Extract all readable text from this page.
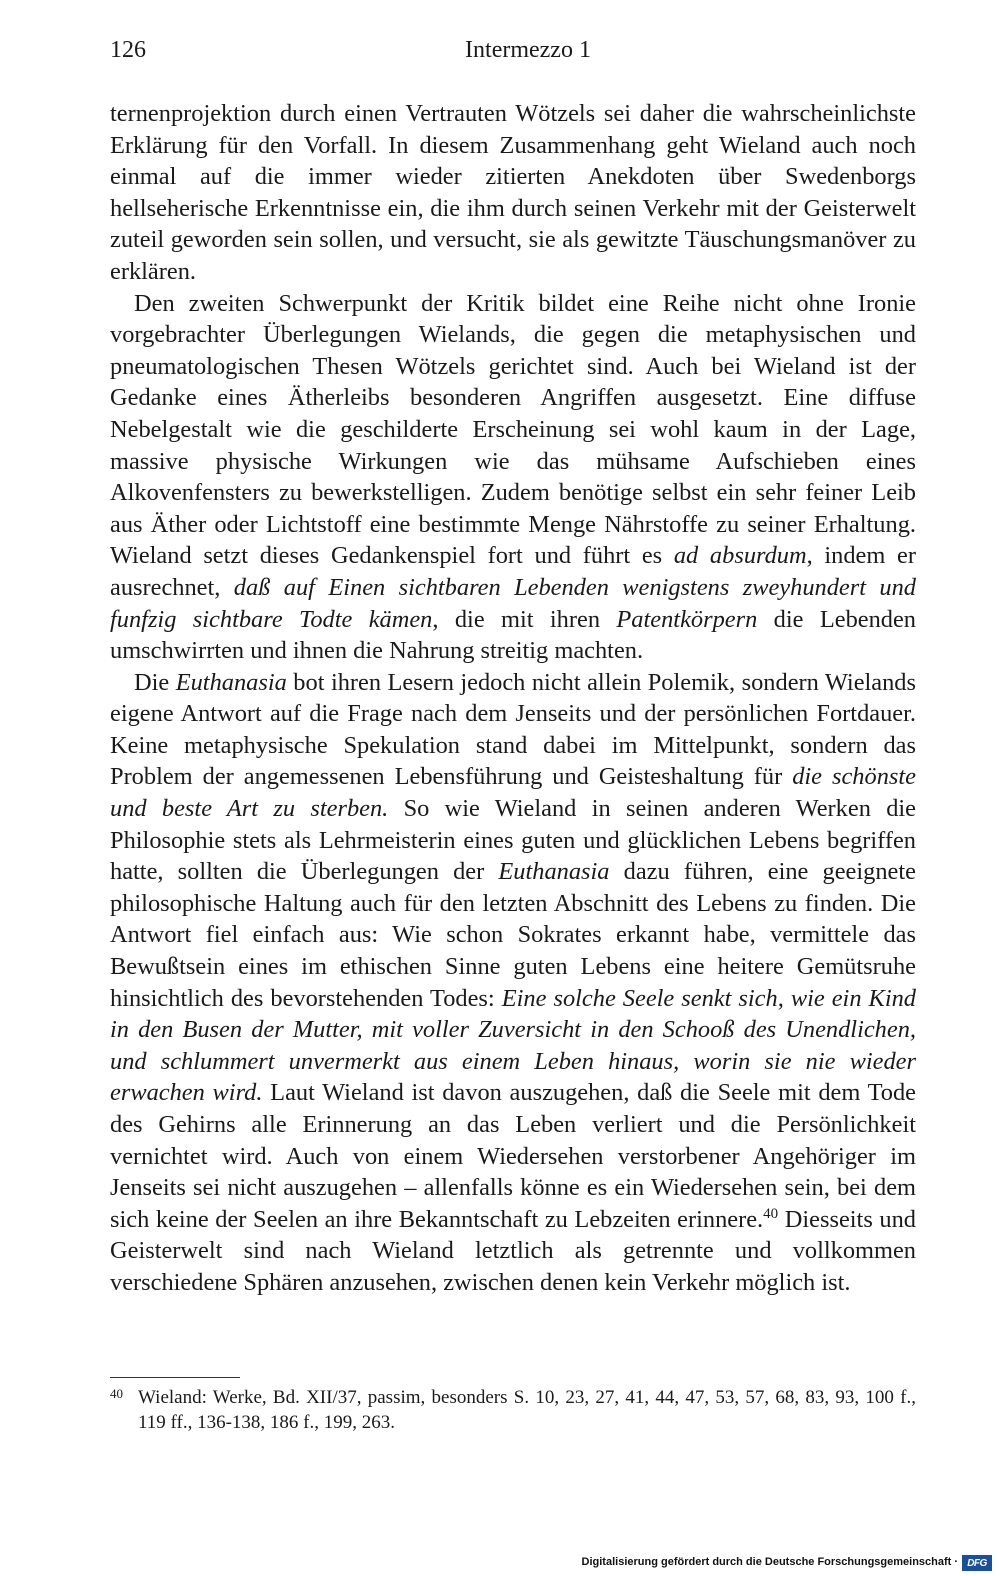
126	Intermezzo 1

ternenprojektion durch einen Vertrauten Wötzels sei daher die wahrscheinlichste Erklärung für den Vorfall. In diesem Zusammenhang geht Wieland auch noch einmal auf die immer wieder zitierten Anekdoten über Swedenborgs hellseherische Erkenntnisse ein, die ihm durch seinen Verkehr mit der Geisterwelt zuteil geworden sein sollen, und versucht, sie als gewitzte Täuschungsmanöver zu erklären.

Den zweiten Schwerpunkt der Kritik bildet eine Reihe nicht ohne Ironie vorgebrachter Überlegungen Wielands, die gegen die metaphysischen und pneumatologischen Thesen Wötzels gerichtet sind. Auch bei Wieland ist der Gedanke eines Ätherleibs besonderen Angriffen ausgesetzt. Eine diffuse Nebelgestalt wie die geschilderte Erscheinung sei wohl kaum in der Lage, massive physische Wirkungen wie das mühsame Aufschieben eines Alkovenfensters zu bewerkstelligen. Zudem benötige selbst ein sehr feiner Leib aus Äther oder Lichtstoff eine bestimmte Menge Nährstoffe zu seiner Erhaltung. Wieland setzt dieses Gedankenspiel fort und führt es ad absurdum, indem er ausrechnet, daß auf Einen sichtbaren Lebenden wenigstens zweyhundert und funfzig sichtbare Todte kämen, die mit ihren Patentkörpern die Lebenden umschwirrten und ihnen die Nahrung streitig machten.

Die Euthanasia bot ihren Lesern jedoch nicht allein Polemik, sondern Wielands eigene Antwort auf die Frage nach dem Jenseits und der persönlichen Fortdauer. Keine metaphysische Spekulation stand dabei im Mittelpunkt, sondern das Problem der angemessenen Lebensführung und Geisteshaltung für die schönste und beste Art zu sterben. So wie Wieland in seinen anderen Werken die Philosophie stets als Lehrmeisterin eines guten und glücklichen Lebens begriffen hatte, sollten die Überlegungen der Euthanasia dazu führen, eine geeignete philosophische Haltung auch für den letzten Abschnitt des Lebens zu finden. Die Antwort fiel einfach aus: Wie schon Sokrates erkannt habe, vermittele das Bewußtsein eines im ethischen Sinne guten Lebens eine heitere Gemütsruhe hinsichtlich des bevorstehenden Todes: Eine solche Seele senkt sich, wie ein Kind in den Busen der Mutter, mit voller Zuversicht in den Schooß des Unendlichen, und schlummert unvermerkt aus einem Leben hinaus, worin sie nie wieder erwachen wird. Laut Wieland ist davon auszugehen, daß die Seele mit dem Tode des Gehirns alle Erinnerung an das Leben verliert und die Persönlichkeit vernichtet wird. Auch von einem Wiedersehen verstorbener Angehöriger im Jenseits sei nicht auszugehen – allenfalls könne es ein Wiedersehen sein, bei dem sich keine der Seelen an ihre Bekanntschaft zu Lebzeiten erinnere.$^{40}$ Diesseits und Geisterwelt sind nach Wieland letztlich als getrennte und vollkommen verschiedene Sphären anzusehen, zwischen denen kein Verkehr möglich ist.

40 Wieland: Werke, Bd. XII/37, passim, besonders S. 10, 23, 27, 41, 44, 47, 53, 57, 68, 83, 93, 100 f., 119 ff., 136-138, 186 f., 199, 263.
Digitalisierung gefördert durch die Deutsche Forschungsgemeinschaft · DFG
